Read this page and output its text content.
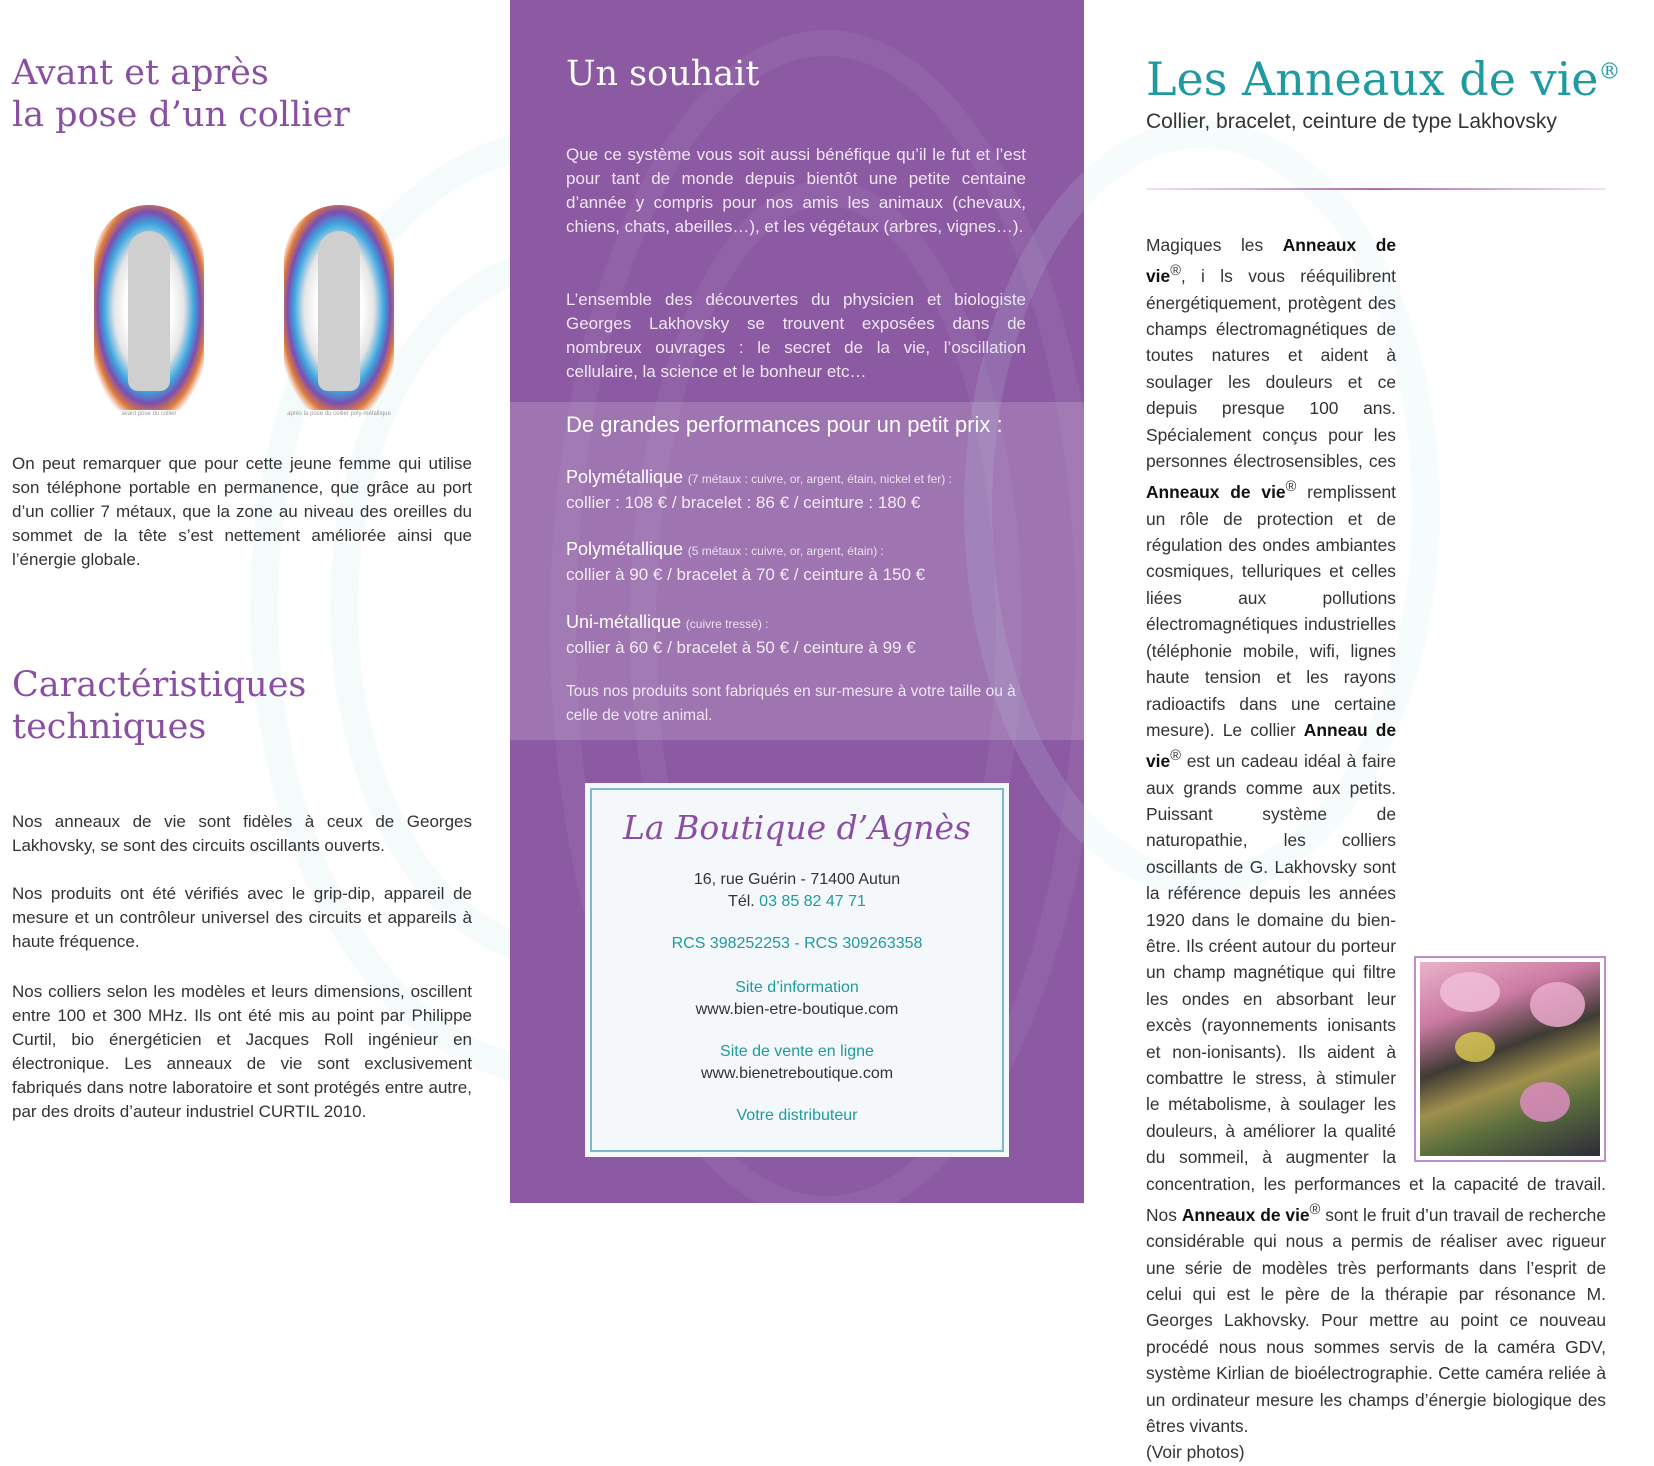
Avant et après
la pose d’un collier
avant pose du collier	après la pose du collier poly-métallique

On peut remarquer que pour cette jeune femme qui utilise son téléphone portable en permanence, que grâce au port d’un collier 7 métaux, que la zone au niveau des oreilles du sommet de la tête s’est nettement améliorée ainsi que l’énergie globale.

Caractéristiques
techniques

Nos anneaux de vie sont fidèles à ceux de Georges Lakhovsky, se sont des circuits oscillants ouverts.

Nos produits ont été vérifiés avec le grip-dip, appareil de mesure et un contrôleur universel des circuits et appareils à haute fréquence.

Nos colliers selon les modèles et leurs dimensions, oscillent entre 100 et 300 MHz. Ils ont été mis au point par Philippe Curtil, bio énergéticien et Jacques Roll ingénieur en électronique. Les anneaux de vie sont exclusivement fabriqués dans notre laboratoire et sont protégés entre autre, par des droits d’auteur industriel CURTIL 2010.

Un souhait

Que ce système vous soit aussi bénéfique qu’il le fut et l’est pour tant de monde depuis bientôt une petite centaine d’année y compris pour nos amis les animaux (chevaux, chiens, chats, abeilles…), et les végétaux (arbres, vignes…).

L’ensemble des découvertes du physicien et biologiste Georges Lakhovsky se trouvent exposées dans de nombreux ouvrages : le secret de la vie, l’oscillation cellulaire, la science et le bonheur etc…

De grandes performances pour un petit prix :
Polymétallique (7 métaux : cuivre, or, argent, étain, nickel et fer) :
collier : 108 € / bracelet : 86 € / ceinture : 180 €
Polymétallique (5 métaux : cuivre, or, argent, étain) :
collier à 90 € / bracelet à 70 € / ceinture à 150 €
Uni-métallique (cuivre tressé) :
collier à 60 € / bracelet à 50 € / ceinture à 99 €

Tous nos produits sont fabriqués en sur-mesure à votre taille ou à celle de votre animal.

La Boutique d’Agnès
16, rue Guérin - 71400 Autun
Tél. 03 85 82 47 71
RCS 398252253 - RCS 309263358
Site d’information
www.bien-etre-boutique.com
Site de vente en ligne
www.bienetreboutique.com
Votre distributeur
Les Anneaux de vie®
Collier, bracelet, ceinture de type Lakhovsky
Magiques les Anneaux de vie®, i ls vous rééquilibrent énergétiquement, protègent des champs électromagnétiques de toutes natures et aident à soulager les douleurs et ce depuis presque 100 ans. Spécialement conçus pour les personnes électrosensibles, ces Anneaux de vie® remplissent un rôle de protection et de régulation des ondes ambiantes cosmiques, telluriques et celles liées aux pollutions électromagnétiques industrielles (téléphonie mobile, wifi, lignes haute tension et les rayons radioactifs dans une certaine mesure). Le collier Anneau de vie® est un cadeau idéal à faire aux grands comme aux petits. Puissant système de naturopathie, les colliers oscillants de G. Lakhovsky sont la référence depuis les années 1920 dans le domaine du bien-être. Ils créent autour du porteur un champ magnétique qui filtre les ondes en absorbant leur excès (rayonnements ionisants et non-ionisants). Ils aident à combattre le stress, à stimuler le métabolisme, à soulager les douleurs, à améliorer la qualité du sommeil, à augmenter la concentration, les performances et la capacité de travail. Nos Anneaux de vie® sont le fruit d’un travail de recherche considérable qui nous a permis de réaliser avec rigueur une série de modèles très performants dans l’esprit de celui qui est le père de la thérapie par résonance M. Georges Lakhovsky. Pour mettre au point ce nouveau procédé nous nous sommes servis de la caméra GDV, système Kirlian de bioélectrographie. Cette caméra reliée à un ordinateur mesure les champs d’énergie biologique des êtres vivants.
(Voir photos)
